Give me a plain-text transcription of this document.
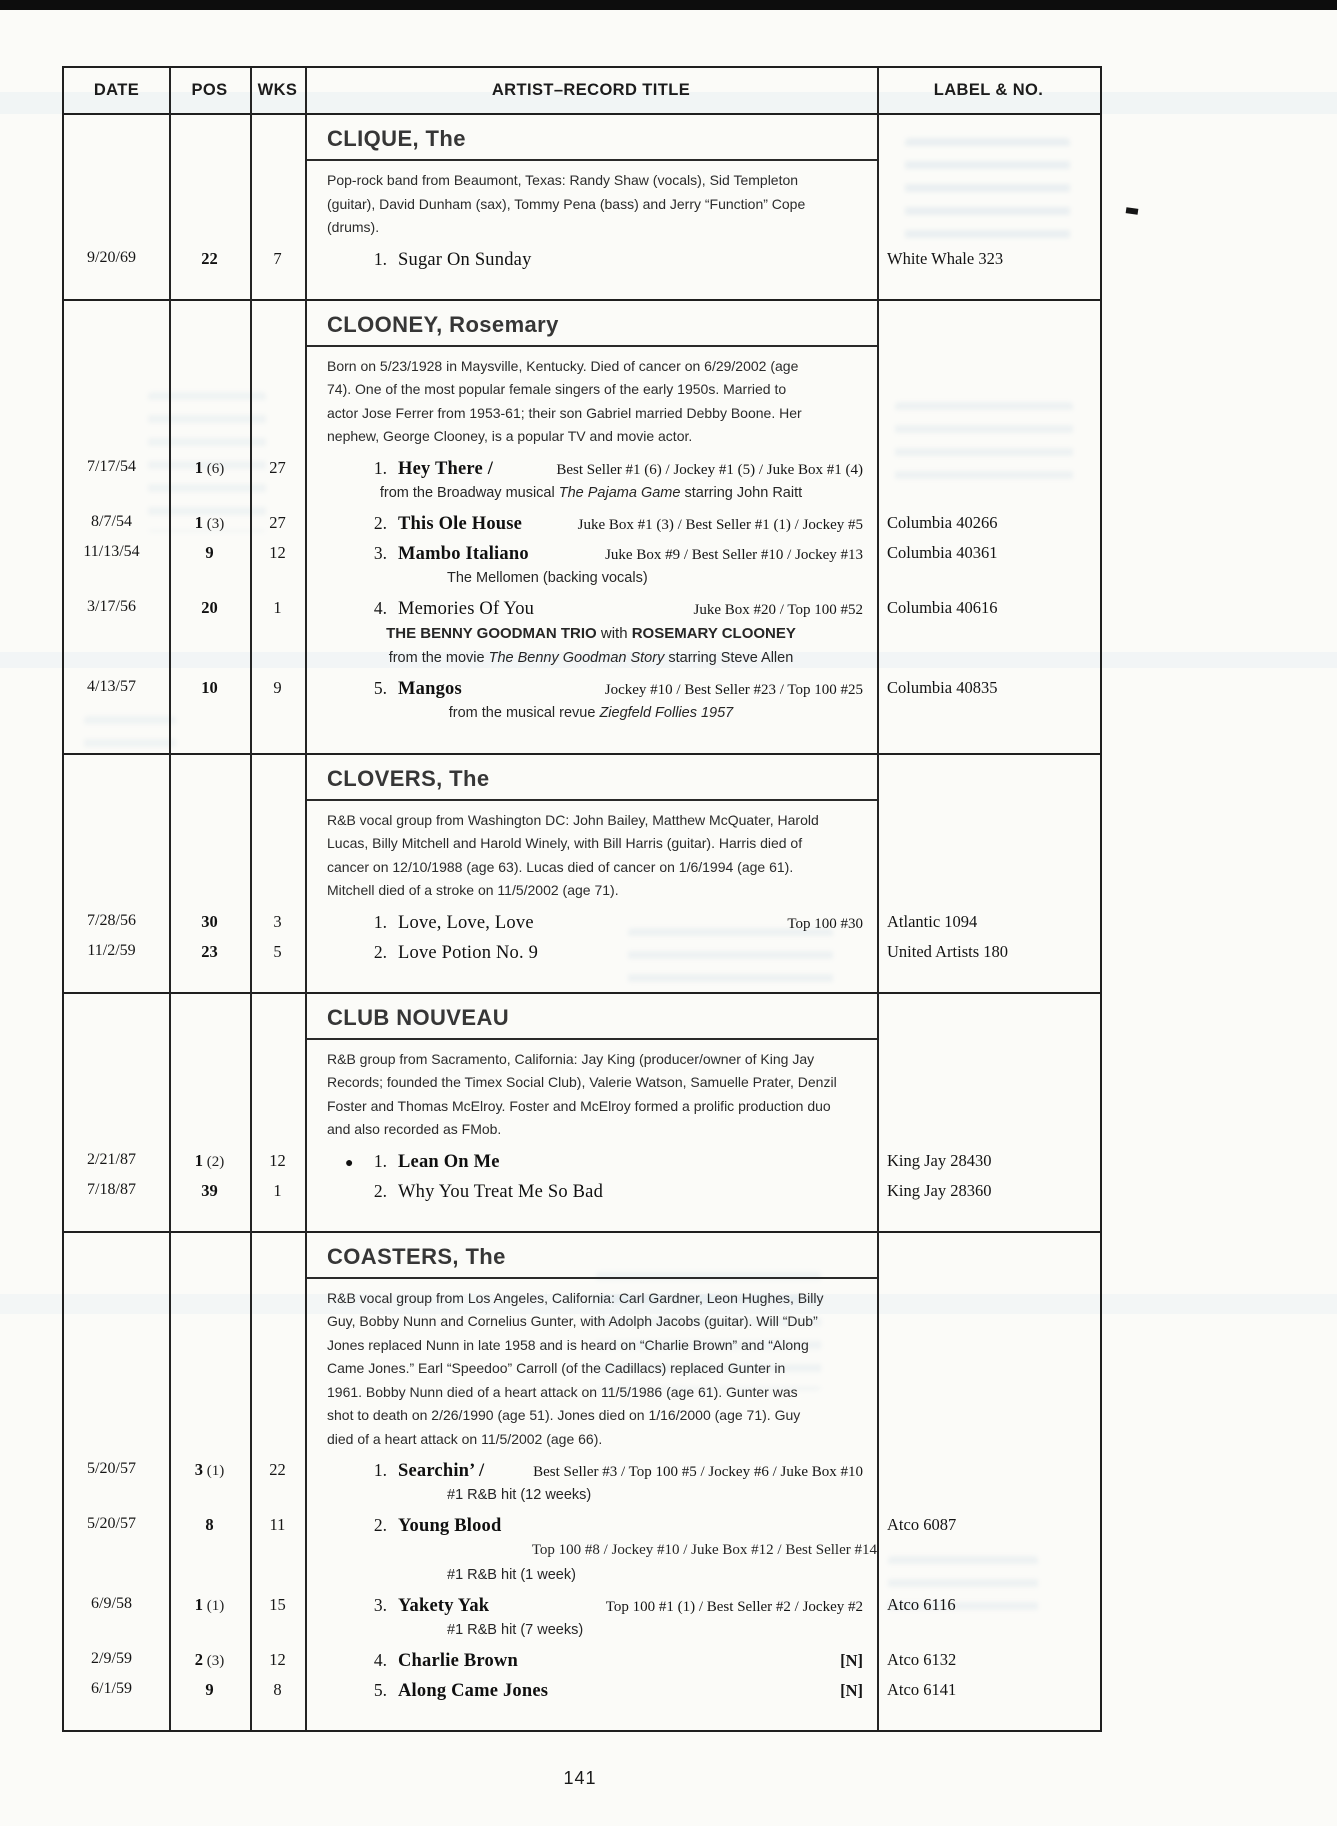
DATE	POS	WKS	ARTIST–RECORD TITLE	LABEL & NO.
CLIQUE, The
Pop-rock band from Beaumont, Texas: Randy Shaw (vocals), Sid Templeton
(guitar), David Dunham (sax), Tommy Pena (bass) and Jerry “Function” Cope
(drums).
9/20/69	22	7	1. Sugar On Sunday	White Whale 323
CLOONEY, Rosemary
Born on 5/23/1928 in Maysville, Kentucky. Died of cancer on 6/29/2002 (age
74). One of the most popular female singers of the early 1950s. Married to
actor Jose Ferrer from 1953-61; their son Gabriel married Debby Boone. Her
nephew, George Clooney, is a popular TV and movie actor.
7/17/54	1 (6)	27	1. Hey There /	Best Seller #1 (6) / Jockey #1 (5) / Juke Box #1 (4)
from the Broadway musical The Pajama Game starring John Raitt
8/7/54	1 (3)	27	2. This Ole House	Juke Box #1 (3) / Best Seller #1 (1) / Jockey #5	Columbia 40266
11/13/54	9	12	3. Mambo Italiano	Juke Box #9 / Best Seller #10 / Jockey #13	Columbia 40361
The Mellomen (backing vocals)
3/17/56	20	1	4. Memories Of You	Juke Box #20 / Top 100 #52	Columbia 40616
THE BENNY GOODMAN TRIO with ROSEMARY CLOONEY
from the movie The Benny Goodman Story starring Steve Allen
4/13/57	10	9	5. Mangos	Jockey #10 / Best Seller #23 / Top 100 #25	Columbia 40835
from the musical revue Ziegfeld Follies 1957
CLOVERS, The
R&B vocal group from Washington DC: John Bailey, Matthew McQuater, Harold
Lucas, Billy Mitchell and Harold Winely, with Bill Harris (guitar). Harris died of
cancer on 12/10/1988 (age 63). Lucas died of cancer on 1/6/1994 (age 61).
Mitchell died of a stroke on 11/5/2002 (age 71).
7/28/56	30	3	1. Love, Love, Love	Top 100 #30	Atlantic 1094
11/2/59	23	5	2. Love Potion No. 9	United Artists 180
CLUB NOUVEAU
R&B group from Sacramento, California: Jay King (producer/owner of King Jay
Records; founded the Timex Social Club), Valerie Watson, Samuelle Prater, Denzil
Foster and Thomas McElroy. Foster and McElroy formed a prolific production duo
and also recorded as FMob.
2/21/87	1 (2)	12	●	1. Lean On Me	King Jay 28430
7/18/87	39	1	2. Why You Treat Me So Bad	King Jay 28360
COASTERS, The
R&B vocal group from Los Angeles, California: Carl Gardner, Leon Hughes, Billy
Guy, Bobby Nunn and Cornelius Gunter, with Adolph Jacobs (guitar). Will “Dub”
Jones replaced Nunn in late 1958 and is heard on “Charlie Brown” and “Along
Came Jones.” Earl “Speedoo” Carroll (of the Cadillacs) replaced Gunter in
1961. Bobby Nunn died of a heart attack on 11/5/1986 (age 61). Gunter was
shot to death on 2/26/1990 (age 51). Jones died on 1/16/2000 (age 71). Guy
died of a heart attack on 11/5/2002 (age 66).
5/20/57	3 (1)	22	1. Searchin’ /	Best Seller #3 / Top 100 #5 / Jockey #6 / Juke Box #10
#1 R&B hit (12 weeks)
5/20/57	8	11	2. Young Blood	Atco 6087
Top 100 #8 / Jockey #10 / Juke Box #12 / Best Seller #14
#1 R&B hit (1 week)
6/9/58	1 (1)	15	3. Yakety Yak	Top 100 #1 (1) / Best Seller #2 / Jockey #2	Atco 6116
#1 R&B hit (7 weeks)
2/9/59	2 (3)	12	4. Charlie Brown	[N]	Atco 6132
6/1/59	9	8	5. Along Came Jones	[N]	Atco 6141
141
